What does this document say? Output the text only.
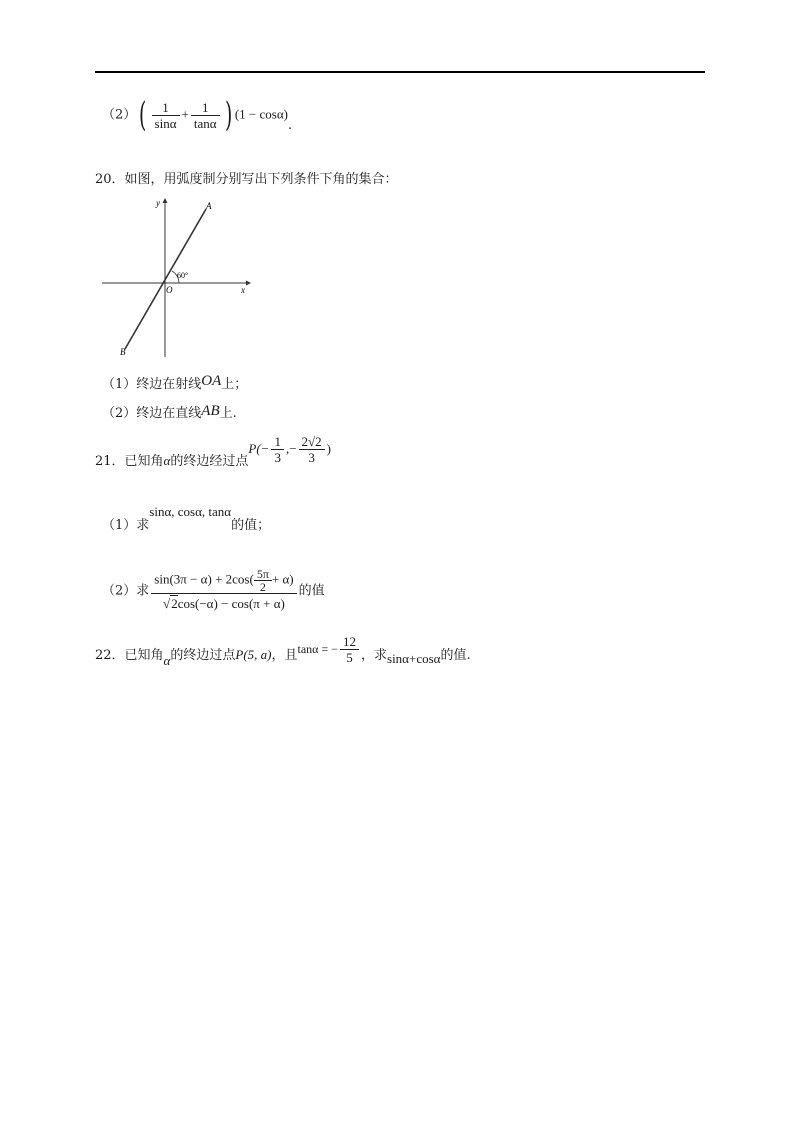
$(2)( \frac{1}{\sin\alpha} + \frac{1}{\tan\alpha}$ ) (1 − cosα).
20．如图，用弧度制分别写出下列条件下角的集合：
y	A
60°
O	x
B
（1）终边在射线OA上；
（2）终边在直线AB上.
21．已知角α的终边经过点$P(- \frac{1}{3}$ ,− $\frac{2√2}{3}$ )
（1）求sinα, cosα, tanα的值；
（2）求 $\frac{\sin(3\pi - \alpha) + 2\cos( \frac{5\pi}{2} + \alpha)}{√2\cos(-\alpha) - \cos(\pi + \alpha)}$ 的值
22．已知角α的终边过点P(5, a)，且tanα = − $\frac{12}{5}$ ，求sinα+cosα的值.
